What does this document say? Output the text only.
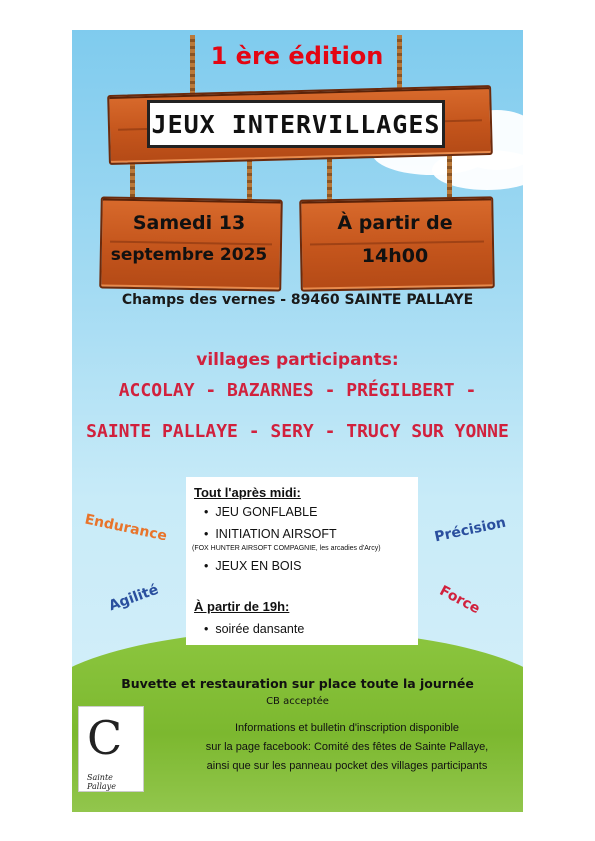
1 ère édition
JEUX INTERVILLAGES
Samedi 13
septembre 2025
À partir de
14h00
Champs des vernes - 89460 SAINTE PALLAYE
villages participants:
ACCOLAY - BAZARNES - PRÉGILBERT -
SAINTE PALLAYE - SERY - TRUCY SUR YONNE
Tout l'après midi:
•  JEU GONFLABLE
•  INITIATION AIRSOFT
(FOX HUNTER AIRSOFT COMPAGNIE, les arcadies d'Arcy)
•  JEUX EN BOIS
À partir de 19h:
•  soirée dansante
Endurance	Précision
Agilité	Force
Buvette et restauration sur place toute la journée
CB acceptée
Informations et bulletin d'inscription disponible
sur la page facebook: Comité des fêtes de Sainte Pallaye,
ainsi que sur les panneau pocket des villages participants
C
Sainte Pallaye
